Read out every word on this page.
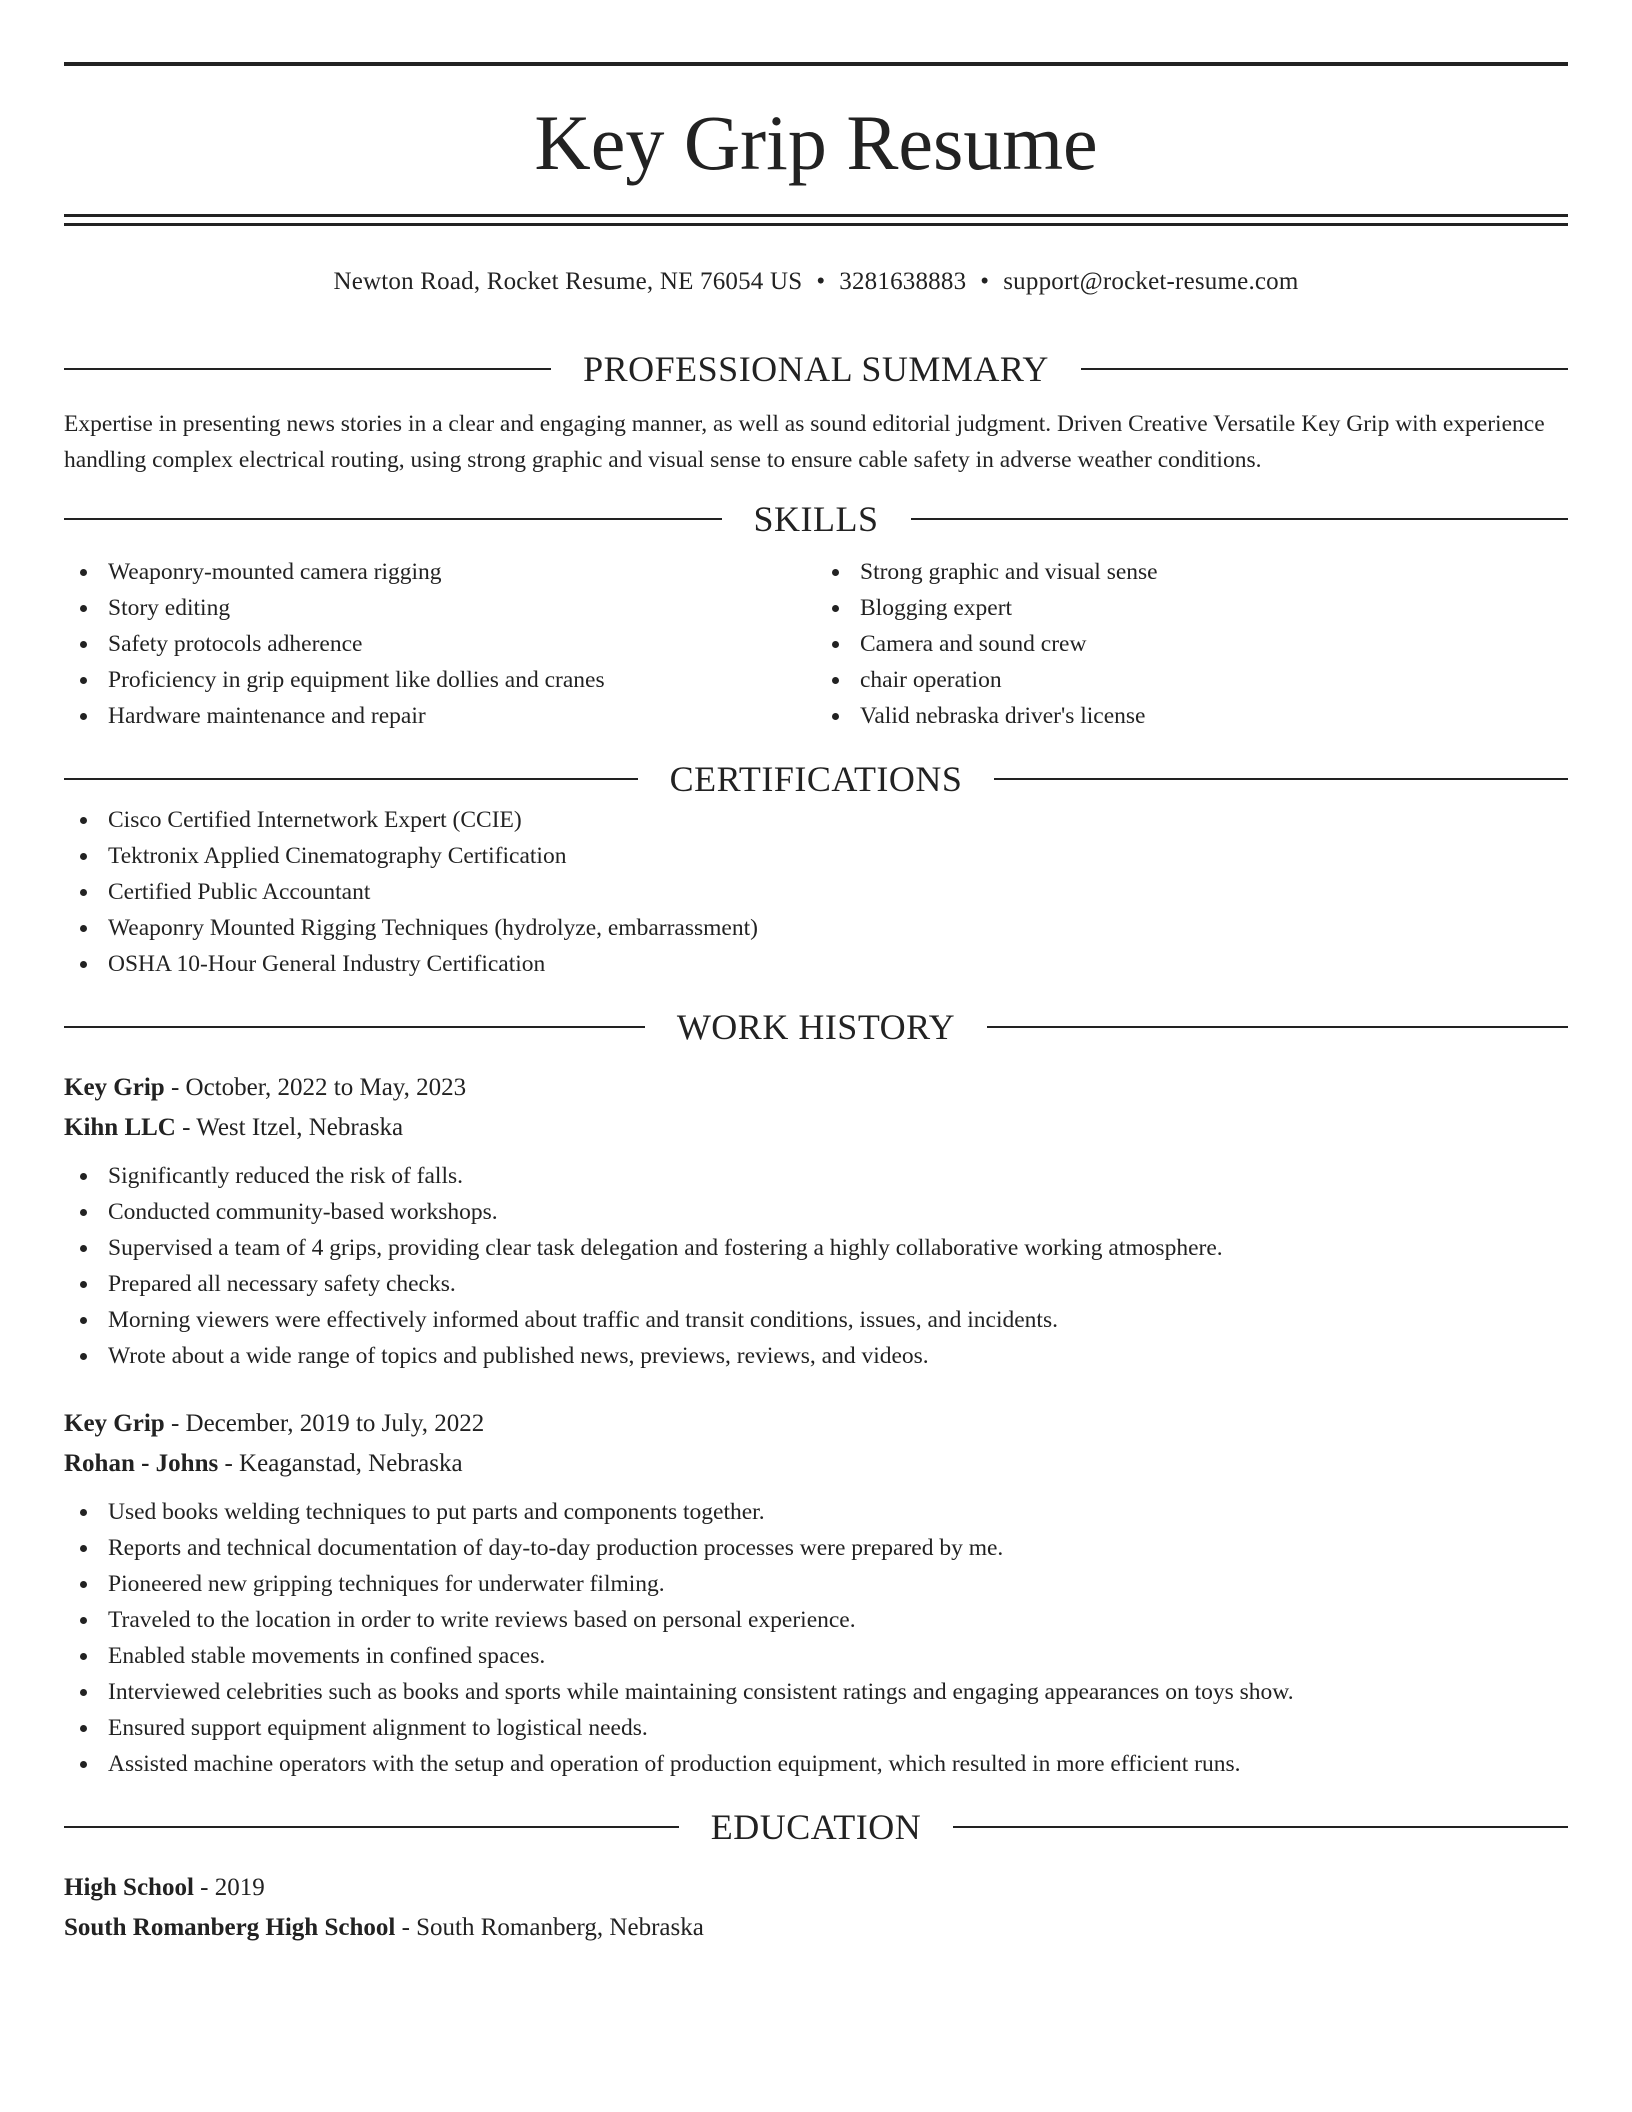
Key Grip Resume
Newton Road, Rocket Resume, NE 76054 US • 3281638883 • support@rocket-resume.com
PROFESSIONAL SUMMARY

Expertise in presenting news stories in a clear and engaging manner, as well as sound editorial judgment. Driven Creative Versatile Key Grip with experience handling complex electrical routing, using strong graphic and visual sense to ensure cable safety in adverse weather conditions.

SKILLS
Weaponry-mounted camera rigging
Story editing
Safety protocols adherence
Proficiency in grip equipment like dollies and cranes
Hardware maintenance and repair
Strong graphic and visual sense
Blogging expert
Camera and sound crew
chair operation
Valid nebraska driver's license
CERTIFICATIONS
Cisco Certified Internetwork Expert (CCIE)
Tektronix Applied Cinematography Certification
Certified Public Accountant
Weaponry Mounted Rigging Techniques (hydrolyze, embarrassment)
OSHA 10-Hour General Industry Certification
WORK HISTORY
Key Grip - October, 2022 to May, 2023
Kihn LLC - West Itzel, Nebraska
Significantly reduced the risk of falls.
Conducted community-based workshops.
Supervised a team of 4 grips, providing clear task delegation and fostering a highly collaborative working atmosphere.
Prepared all necessary safety checks.
Morning viewers were effectively informed about traffic and transit conditions, issues, and incidents.
Wrote about a wide range of topics and published news, previews, reviews, and videos.
Key Grip - December, 2019 to July, 2022
Rohan - Johns - Keaganstad, Nebraska
Used books welding techniques to put parts and components together.
Reports and technical documentation of day-to-day production processes were prepared by me.
Pioneered new gripping techniques for underwater filming.
Traveled to the location in order to write reviews based on personal experience.
Enabled stable movements in confined spaces.
Interviewed celebrities such as books and sports while maintaining consistent ratings and engaging appearances on toys show.
Ensured support equipment alignment to logistical needs.
Assisted machine operators with the setup and operation of production equipment, which resulted in more efficient runs.
EDUCATION
High School - 2019
South Romanberg High School - South Romanberg, Nebraska
